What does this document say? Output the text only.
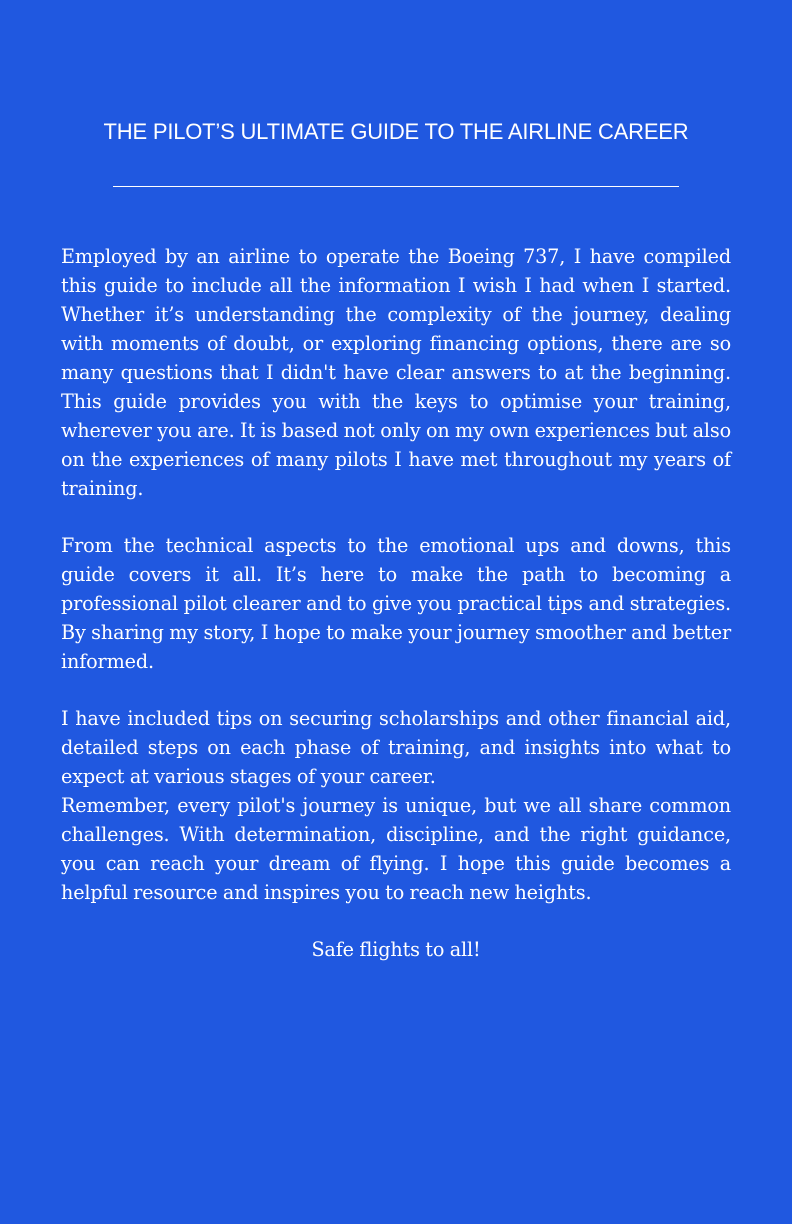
THE PILOT’S ULTIMATE GUIDE TO THE AIRLINE CAREER

Employed by an airline to operate the Boeing 737, I have compiled this guide to include all the information I wish I had when I started. Whether it’s understanding the complexity of the journey, dealing with moments of doubt, or exploring financing options, there are so many questions that I didn't have clear answers to at the beginning. This guide provides you with the keys to optimise your training, wherever you are. It is based not only on my own experiences but also on the experiences of many pilots I have met throughout my years of training.

From the technical aspects to the emotional ups and downs, this guide covers it all. It’s here to make the path to becoming a professional pilot clearer and to give you practical tips and strategies. By sharing my story, I hope to make your journey smoother and better informed.

I have included tips on securing scholarships and other financial aid, detailed steps on each phase of training, and insights into what to expect at various stages of your career.

Remember, every pilot's journey is unique, but we all share common challenges. With determination, discipline, and the right guidance, you can reach your dream of flying. I hope this guide becomes a helpful resource and inspires you to reach new heights.

Safe flights to all!
